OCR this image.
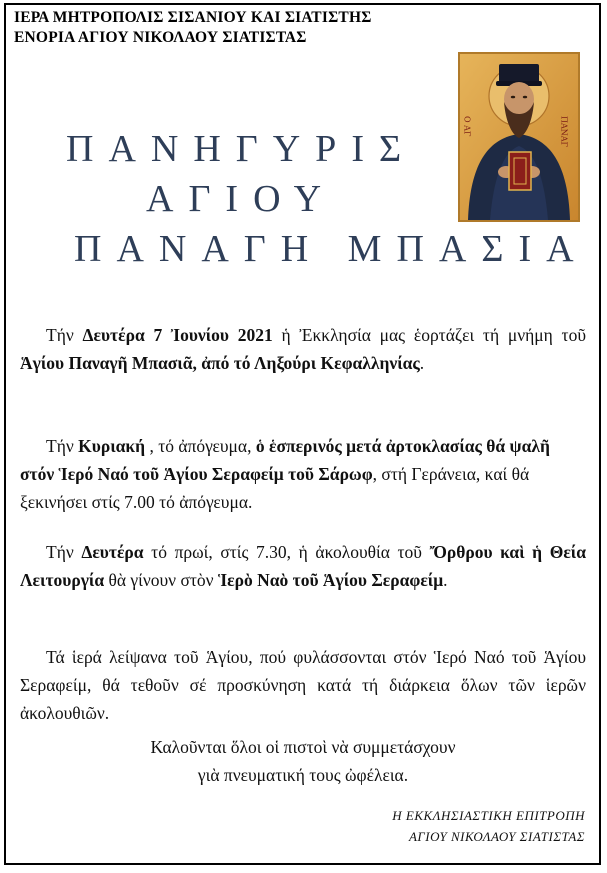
ΙΕΡΑ ΜΗΤΡΟΠΟΛΙΣ ΣΙΣΑΝΙΟΥ ΚΑΙ ΣΙΑΤΙΣΤΗΣ
ΕΝΟΡΙΑ ΑΓΙΟΥ ΝΙΚΟΛΑΟΥ ΣΙΑΤΙΣΤΑΣ
Ο ΑΓ	ΠΑΝΑΓ
ΠΑΝΗΓΥΡΙΣ
ΑΓΙΟΥ
ΠΑΝΑΓΗ ΜΠΑΣΙΑ
Τήν Δευτέρα 7 Ἰουνίου 2021 ἡ Ἐκκλησία μας ἑορτάζει τή μνήμη τοῦ Ἁγίου Παναγῆ Μπασιᾶ, ἀπό τό Ληξούρι Κεφαλληνίας.
Τήν Κυριακή , τό ἀπόγευμα, ὁ ἑσπερινός μετά ἀρτοκλασίας θά ψαλῆ στόν Ἱερό Ναό τοῦ Ἁγίου Σεραφείμ τοῦ Σάρωφ, στή Γεράνεια, καί θά ξεκινήσει στίς 7.00 τό ἀπόγευμα.
Τήν Δευτέρα τό πρωί, στίς 7.30, ἡ ἀκολουθία τοῦ Ὄρθρου καὶ ἡ Θεία Λειτουργία θὰ γίνουν στὸν Ἱερὸ Ναὸ τοῦ Ἁγίου Σεραφείμ.
Τά ἱερά λείψανα τοῦ Ἁγίου, πού φυλάσσονται στόν Ἱερό Ναό τοῦ Ἁγίου Σεραφείμ, θά τεθοῦν σέ προσκύνηση κατά τή διάρκεια ὅλων τῶν ἱερῶν ἀκολουθιῶν.
Καλοῦνται ὅλοι οἱ πιστοὶ νὰ συμμετάσχουν
γιὰ πνευματική τους ὠφέλεια.
Η ΕΚΚΛΗΣΙΑΣΤΙΚΗ ΕΠΙΤΡΟΠΗ
ΑΓΙΟΥ ΝΙΚΟΛΑΟΥ ΣΙΑΤΙΣΤΑΣ
